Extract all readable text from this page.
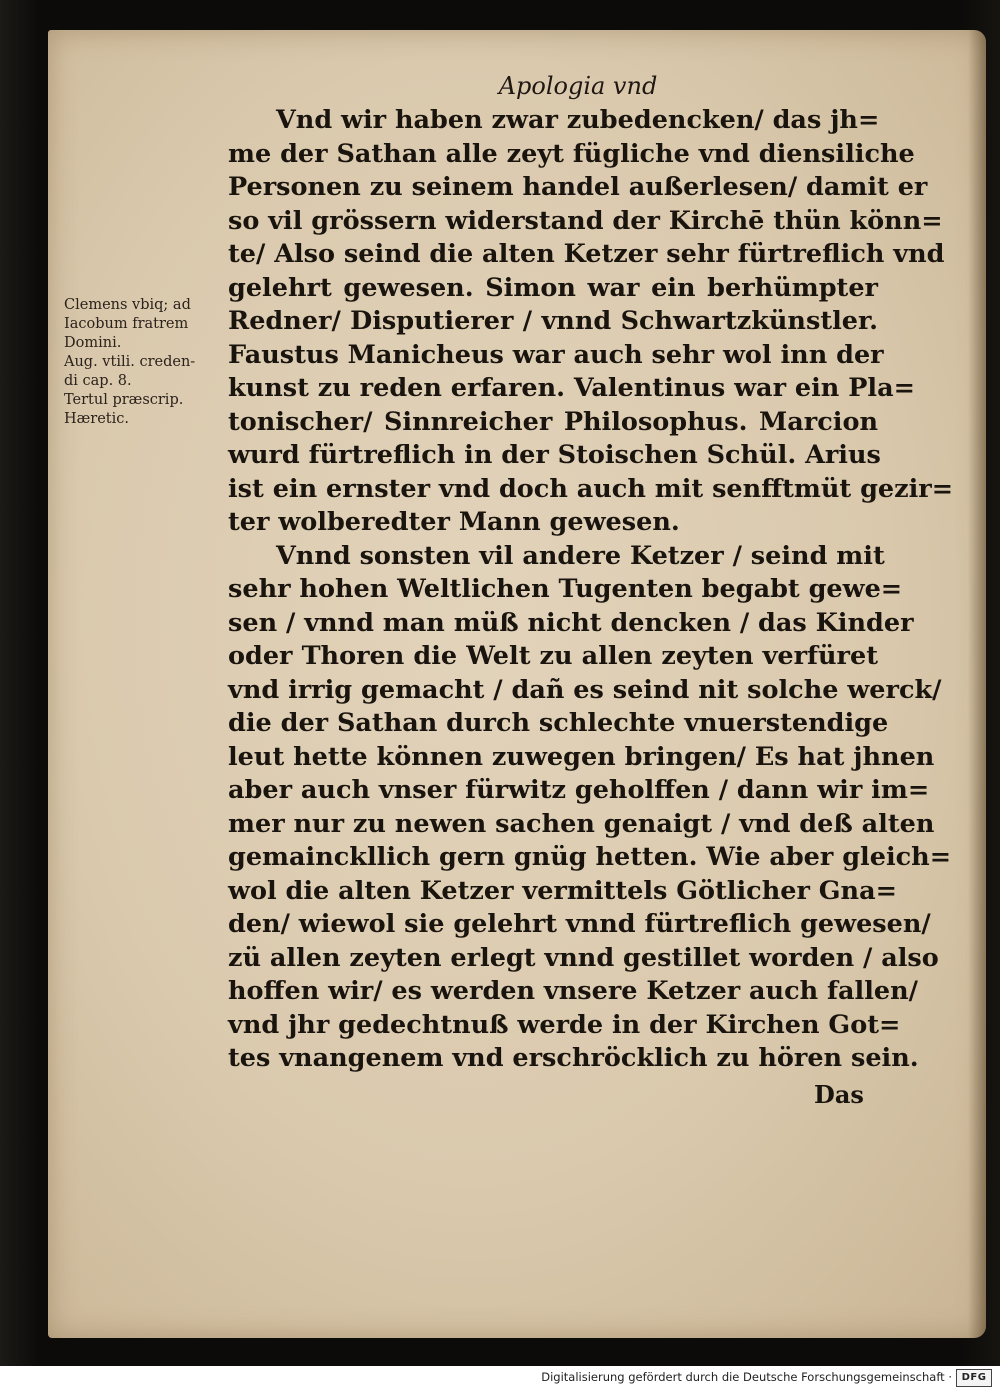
Apologia vnd
Clemens vbiq; ad
Iacobum fratrem
Domini.
Aug. vtili. creden-
di cap. 8.
Tertul præscrip.
Hæretic.
Vnd wir haben zwar zubedencken/ das jh=
me der Sathan alle zeyt fügliche vnd diensiliche
Personen zu seinem handel außerlesen/ damit er
so vil grössern widerstand der Kirchē thün könn=
te/ Also seind die alten Ketzer sehr fürtreflich vnd
gelehrt gewesen. Simon war ein berhümpter
Redner/ Disputierer / vnnd Schwartzkünstler.
Faustus Manicheus war auch sehr wol inn der
kunst zu reden erfaren. Valentinus war ein Pla=
tonischer/ Sinnreicher Philosophus. Marcion
wurd fürtreflich in der Stoischen Schül. Arius
ist ein ernster vnd doch auch mit senfftmüt gezir=
ter wolberedter Mann gewesen.
Vnnd sonsten vil andere Ketzer / seind mit
sehr hohen Weltlichen Tugenten begabt gewe=
sen / vnnd man müß nicht dencken / das Kinder
oder Thoren die Welt zu allen zeyten verfüret
vnd irrig gemacht / dañ es seind nit solche werck/
die der Sathan durch schlechte vnuerstendige
leut hette können zuwegen bringen/ Es hat jhnen
aber auch vnser fürwitz geholffen / dann wir im=
mer nur zu newen sachen genaigt / vnd deß alten
gemainckllich gern gnüg hetten. Wie aber gleich=
wol die alten Ketzer vermittels Götlicher Gna=
den/ wiewol sie gelehrt vnnd fürtreflich gewesen/
zü allen zeyten erlegt vnnd gestillet worden / also
hoffen wir/ es werden vnsere Ketzer auch fallen/
vnd jhr gedechtnuß werde in der Kirchen Got=
tes vnangenem vnd erschröcklich zu hören sein.
Das
Digitalisierung gefördert durch die Deutsche Forschungsgemeinschaft · DFG
